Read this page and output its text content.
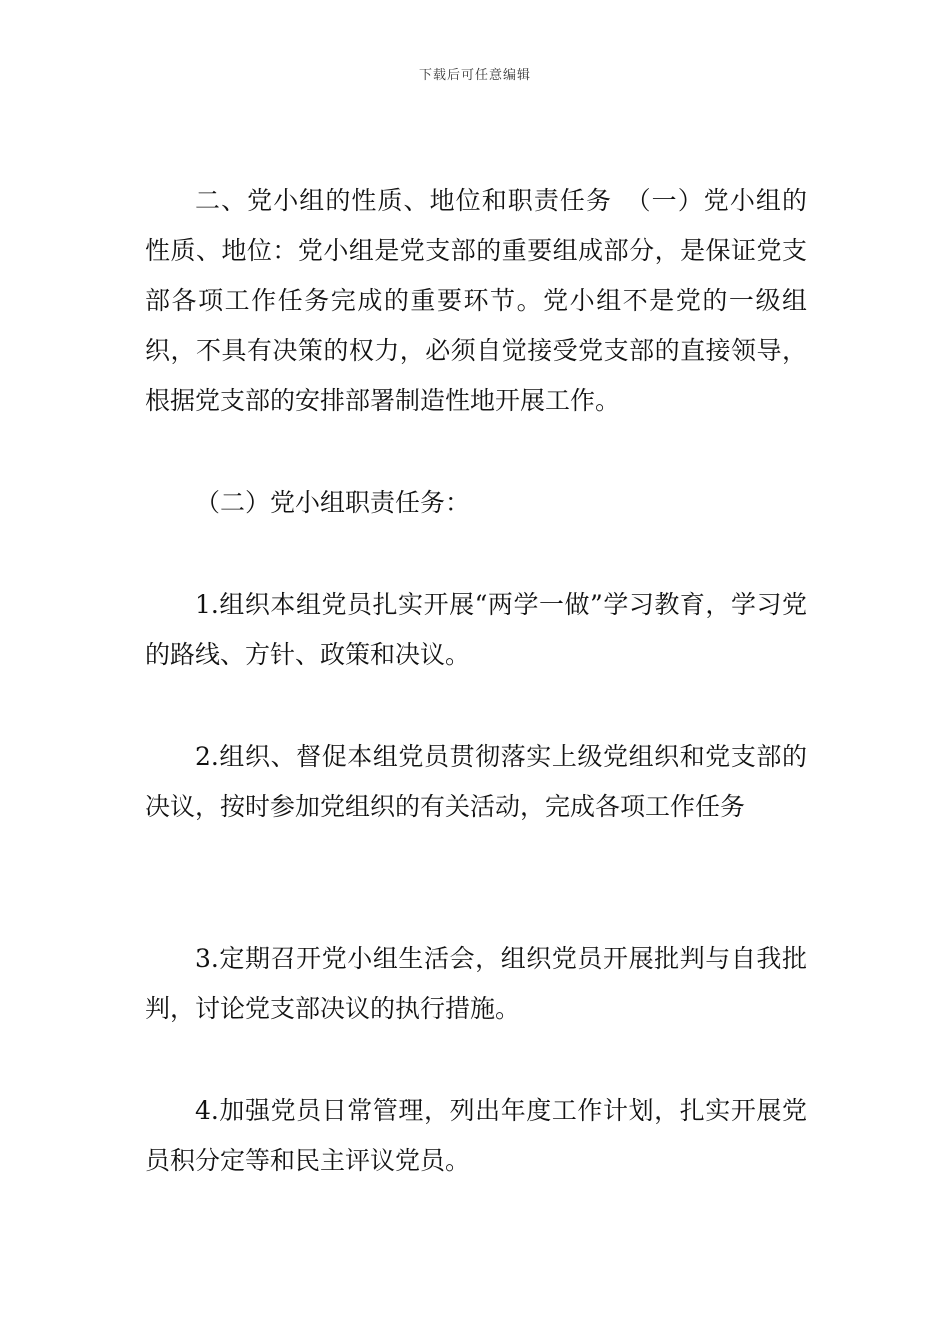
下载后可任意编辑

二、党小组的性质、地位和职责任务　（一）党小组的性质、地位：党小组是党支部的重要组成部分，是保证党支部各项工作任务完成的重要环节。党小组不是党的一级组织，不具有决策的权力，必须自觉接受党支部的直接领导，根据党支部的安排部署制造性地开展工作。

（二）党小组职责任务：

1.组织本组党员扎实开展“两学一做”学习教育，学习党的路线、方针、政策和决议。

2.组织、督促本组党员贯彻落实上级党组织和党支部的决议，按时参加党组织的有关活动，完成各项工作任务

3.定期召开党小组生活会，组织党员开展批判与自我批判，讨论党支部决议的执行措施。

4.加强党员日常管理，列出年度工作计划，扎实开展党员积分定等和民主评议党员。
